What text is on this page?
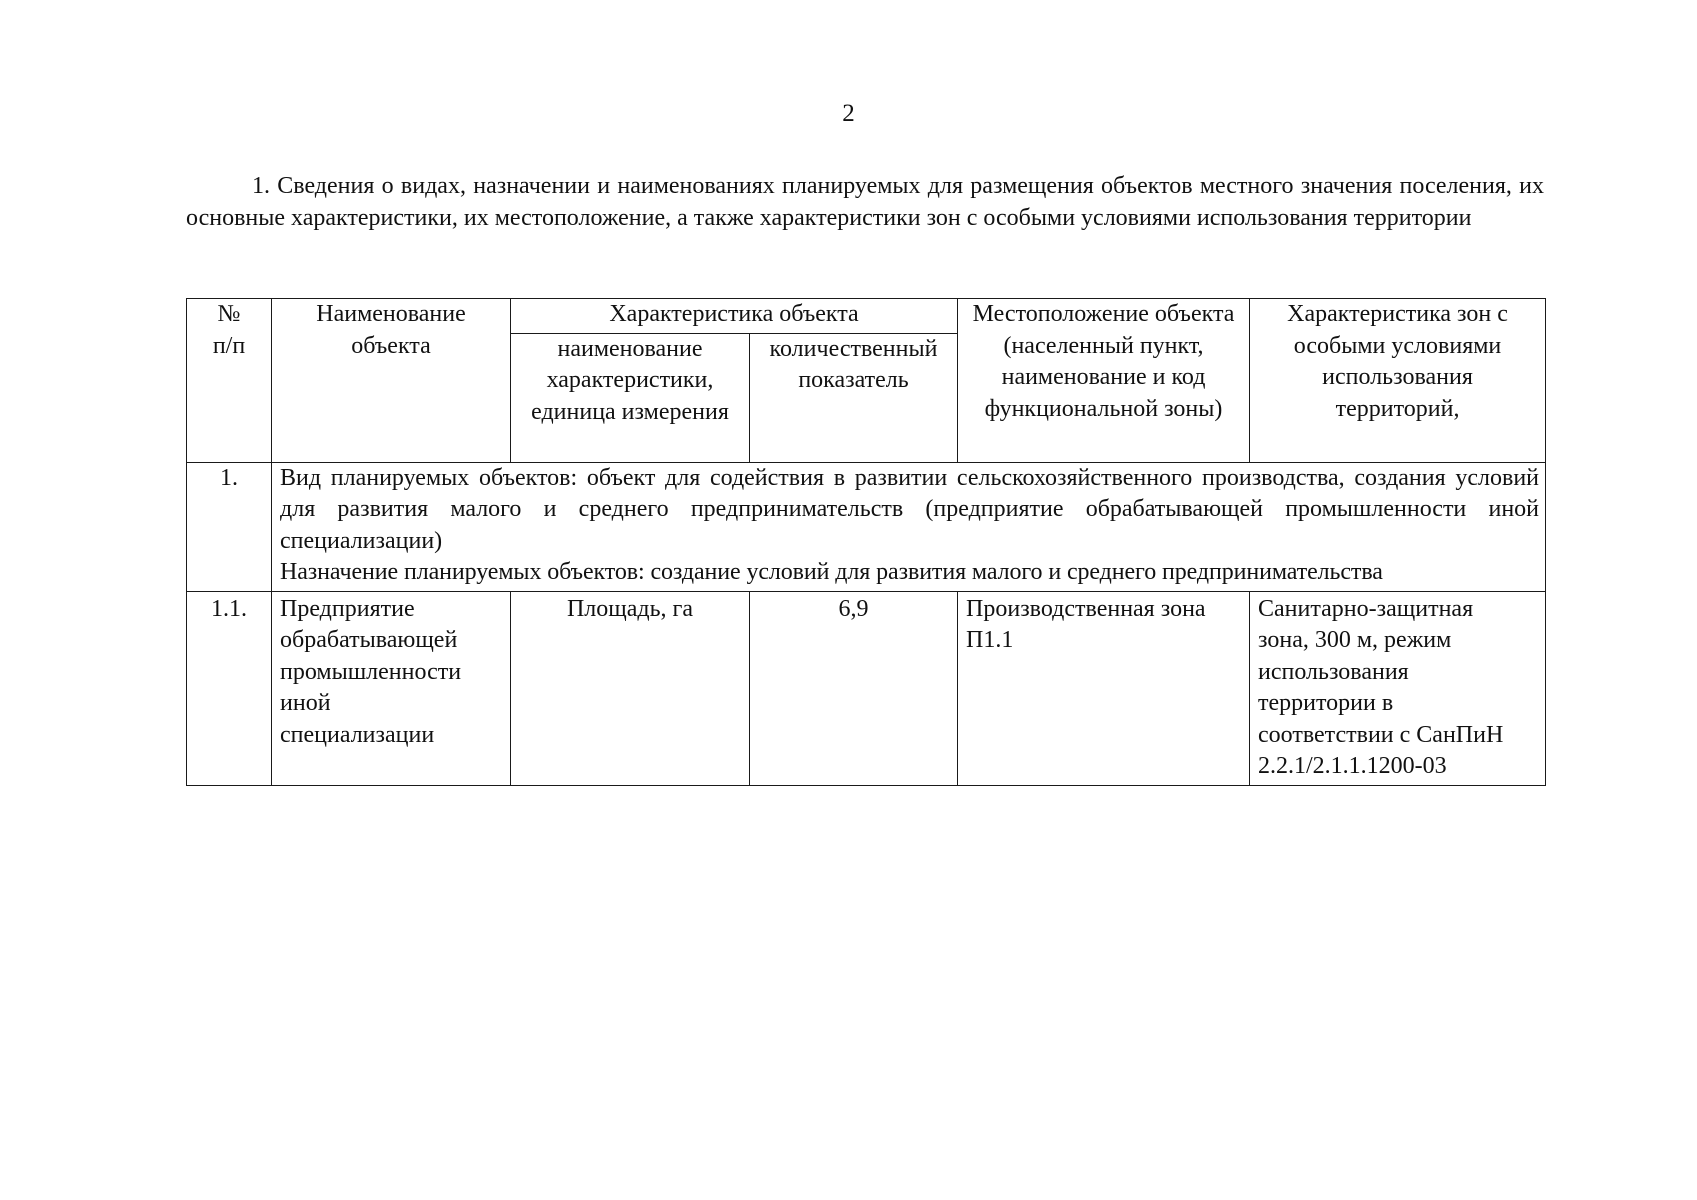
2

1. Сведения о видах, назначении и наименованиях планируемых для размещения объектов местного значения поселения, их основные характеристики, их местоположение, а также характеристики зон с особыми условиями использования территории

№ п/п	Наименование объекта	Характеристика объекта		Местоположение объекта (населенный пункт, наименование и код функциональной зоны)	Характеристика зон с особыми условиями использования территорий,
		наименование характеристики, единица измерения	количественный показатель		
1.	Вид планируемых объектов: объект для содействия в развитии сельскохозяйственного производства, создания условий для развития малого и среднего предпринимательств (предприятие обрабатывающей промышленности иной специализации)
Назначение планируемых объектов: создание условий для развития малого и среднего предпринимательства				

1.1.	Предприятие обрабатывающей промышленности иной специализации	Площадь, га	6,9	Производственная зона П1.1	Санитарно-защитная зона, 300 м, режим использования территории в соответствии с СанПиН 2.2.1/2.1.1.1200-03
